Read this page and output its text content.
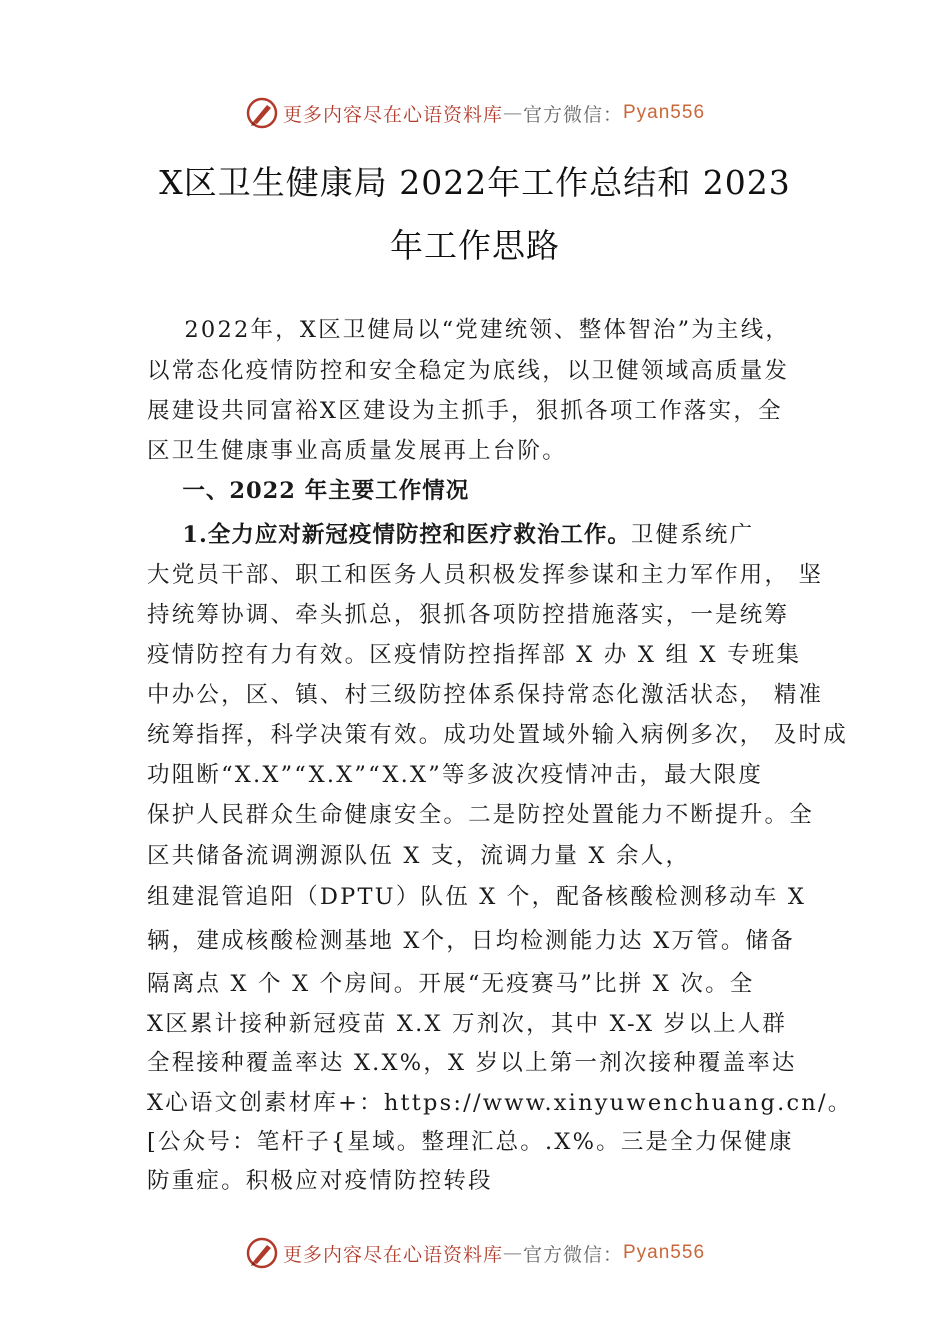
更多内容尽在心语资料库 — 官方微信： Pyan556
X区卫生健康局 2022年工作总结和 2023
年工作思路
2022年，X区卫健局以“党建统领、整体智治”为主线，
以常态化疫情防控和安全稳定为底线，以卫健领域高质量发
展建设共同富裕X区建设为主抓手，狠抓各项工作落实，全
区卫生健康事业高质量发展再上台阶。
一、2022 年主要工作情况
1.全力应对新冠疫情防控和医疗救治工作。卫健系统广
大党员干部、职工和医务人员积极发挥参谋和主力军作用， 坚
持统筹协调、牵头抓总，狠抓各项防控措施落实，一是统筹
疫情防控有力有效。区疫情防控指挥部 X 办 X 组 X 专班集
中办公，区、镇、村三级防控体系保持常态化激活状态， 精准
统筹指挥，科学决策有效。成功处置域外输入病例多次， 及时成
功阻断“X.X”“X.X”“X.X”等多波次疫情冲击，最大限度
保护人民群众生命健康安全。二是防控处置能力不断提升。全
区共储备流调溯源队伍 X 支，流调力量 X 余人，
组建混管追阳（DPTU）队伍 X 个，配备核酸检测移动车 X
辆，建成核酸检测基地 X个，日均检测能力达 X万管。储备
隔离点 X 个 X 个房间。开展“无疫赛马”比拼 X 次。全
X区累计接种新冠疫苗 X.X 万剂次，其中 X-X 岁以上人群
全程接种覆盖率达 X.X%，X 岁以上第一剂次接种覆盖率达
X心语文创素材库+：https://www.xinyuwenchuang.cn/。
[公众号：笔杆子{星域。整理汇总。.X%。三是全力保健康
防重症。积极应对疫情防控转段
更多内容尽在心语资料库 — 官方微信： Pyan556
